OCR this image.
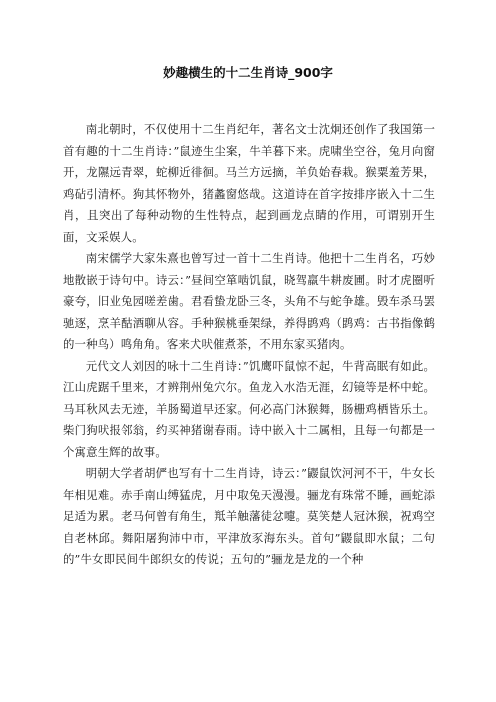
妙趣横生的十二生肖诗_900字

南北朝时，不仅使用十二生肖纪年，著名文士沈炯还创作了我国第一首有趣的十二生肖诗：”鼠迹生尘案，牛羊暮下来。虎啸坐空谷，兔月向窗开，龙隰远青翠，蛇柳近徘徊。马兰方远摘，羊负始春栽。猴粟羞芳果，鸡砧引清杯。狗其怀物外，猪蠡窗悠哉。这道诗在首字按排序嵌入十二生肖，且突出了每种动物的生性特点，起到画龙点睛的作用，可谓别开生面，文采娱人。

南宋儒学大家朱熹也曾写过一首十二生肖诗。他把十二生肖名，巧妙地散嵌于诗句中。诗云：”昼间空箪啮饥鼠，晓驾羸牛耕废圃。时才虎圈听豪夸，旧业兔园嗟差歯。君看蛰龙卧三冬，头角不与蛇争雄。毁车杀马罢驰逐，烹羊酤酒聊从容。手种猴桃垂架绿，养得鹍鸡（鹍鸡：古书指像鹤的一种鸟）鸣角角。客来犬吠催煮茶，不用东家买猪肉。

元代文人刘因的咏十二生肖诗：”饥鹰吓鼠惊不起，牛背高眠有如此。江山虎踞千里来，才辨荆州兔穴尔。鱼龙入水浩无涯，幻镜等是杯中蛇。马耳秋风去无迹，羊肠蜀道早还家。何必高门沐猴舞，肠栅鸡栖皆乐土。柴门狗吠报邻翁，约买神猪谢春雨。诗中嵌入十二属相，且每一句都是一个寓意生辉的故事。

明朝大学者胡俨也写有十二生肖诗，诗云：”鼹鼠饮河河不干，牛女长年相见难。赤手南山缚猛虎，月中取兔天漫漫。骊龙有珠常不睡，画蛇添足适为累。老马何曾有角生，羝羊触藩徒忿嚏。莫笑楚人冠沐猴，祝鸡空自老林邱。舞阳屠狗沛中市，平津放豕海东头。首句”鼹鼠即水鼠；二句的”牛女即民间牛郎织女的传说；五句的”骊龙是龙的一个种
